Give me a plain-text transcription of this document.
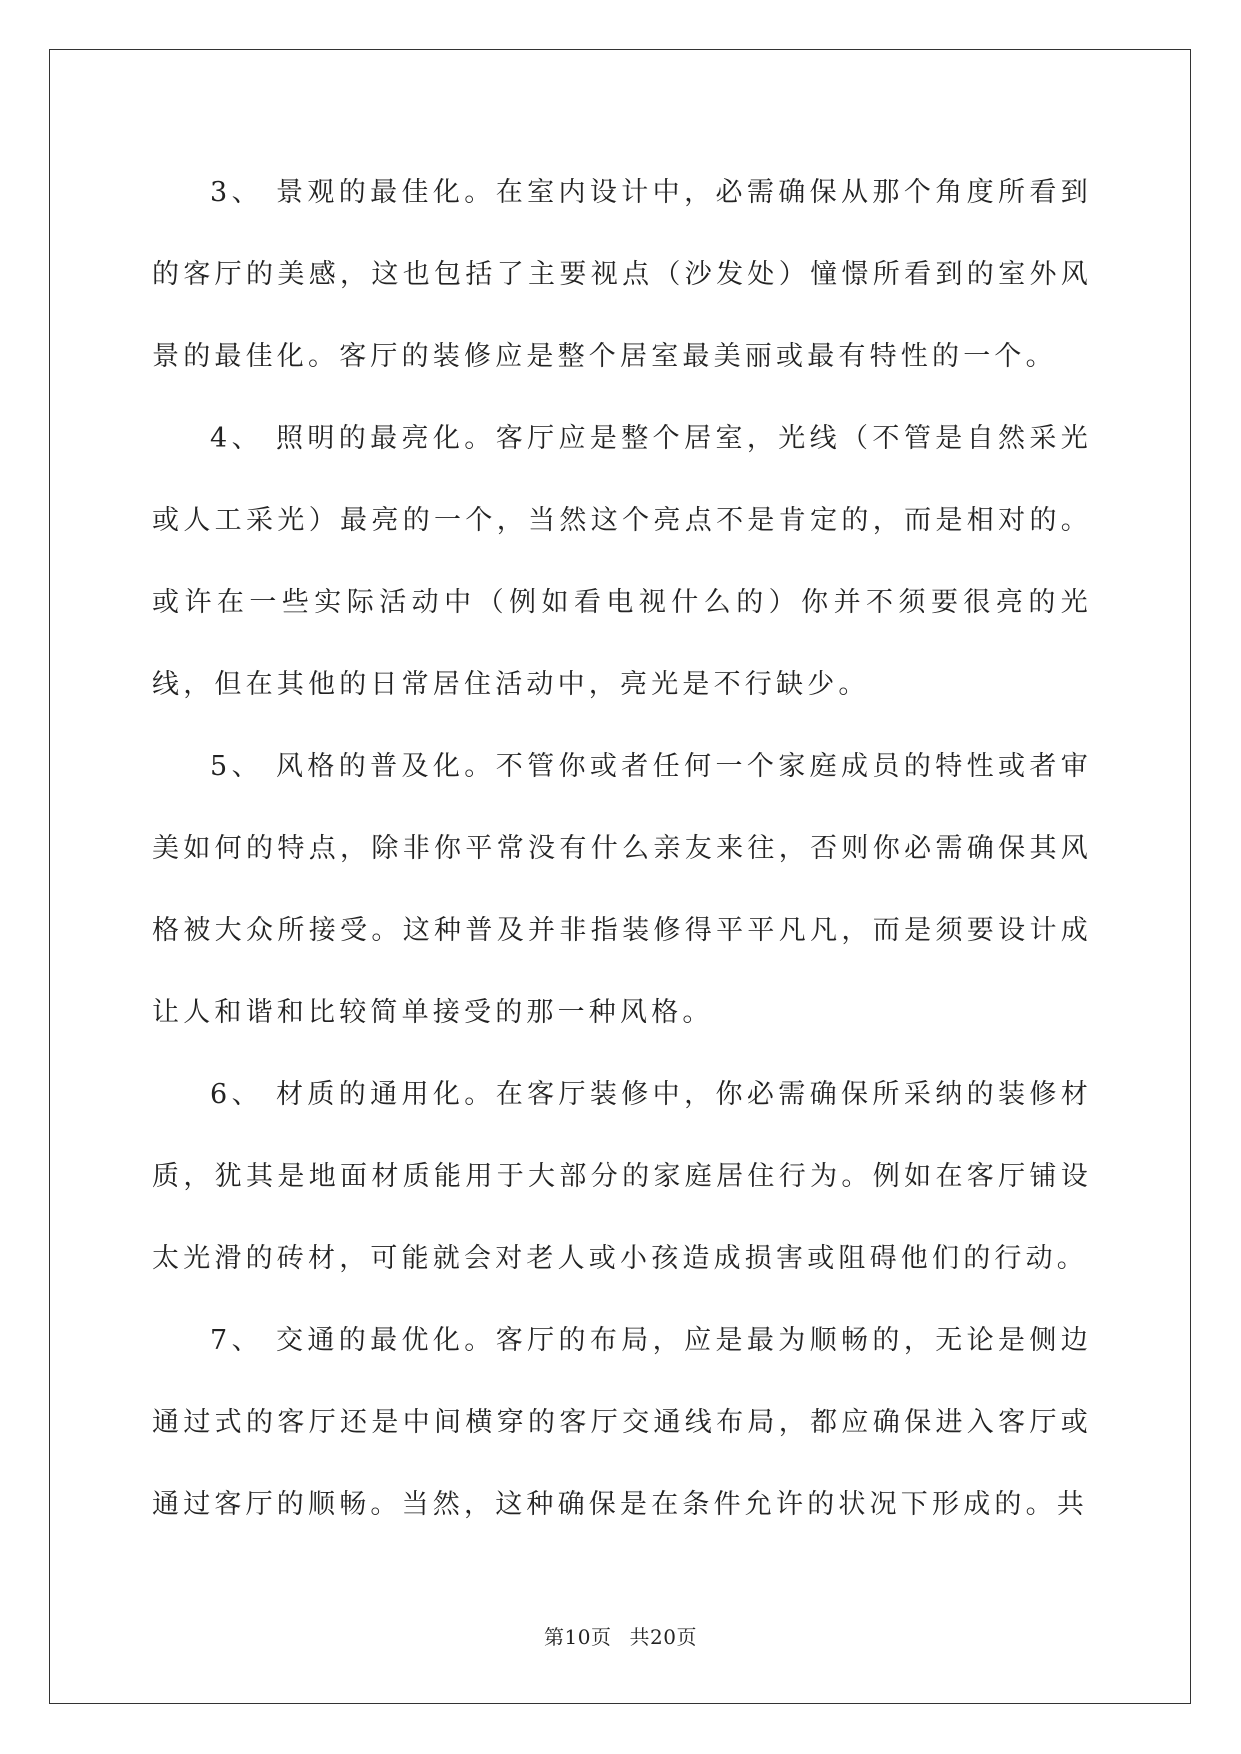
3、 景观的最佳化。在室内设计中，必需确保从那个角度所看到的客厅的美感，这也包括了主要视点（沙发处）憧憬所看到的室外风景的最佳化。客厅的装修应是整个居室最美丽或最有特性的一个。

4、 照明的最亮化。客厅应是整个居室，光线（不管是自然采光或人工采光）最亮的一个，当然这个亮点不是肯定的，而是相对的。或许在一些实际活动中（例如看电视什么的）你并不须要很亮的光线，但在其他的日常居住活动中，亮光是不行缺少。

5、 风格的普及化。不管你或者任何一个家庭成员的特性或者审美如何的特点，除非你平常没有什么亲友来往，否则你必需确保其风格被大众所接受。这种普及并非指装修得平平凡凡，而是须要设计成让人和谐和比较简单接受的那一种风格。

6、 材质的通用化。在客厅装修中，你必需确保所采纳的装修材质，犹其是地面材质能用于大部分的家庭居住行为。例如在客厅铺设太光滑的砖材，可能就会对老人或小孩造成损害或阻碍他们的行动。

7、 交通的最优化。客厅的布局，应是最为顺畅的，无论是侧边通过式的客厅还是中间横穿的客厅交通线布局，都应确保进入客厅或通过客厅的顺畅。当然，这种确保是在条件允许的状况下形成的。共

第10页 共20页
